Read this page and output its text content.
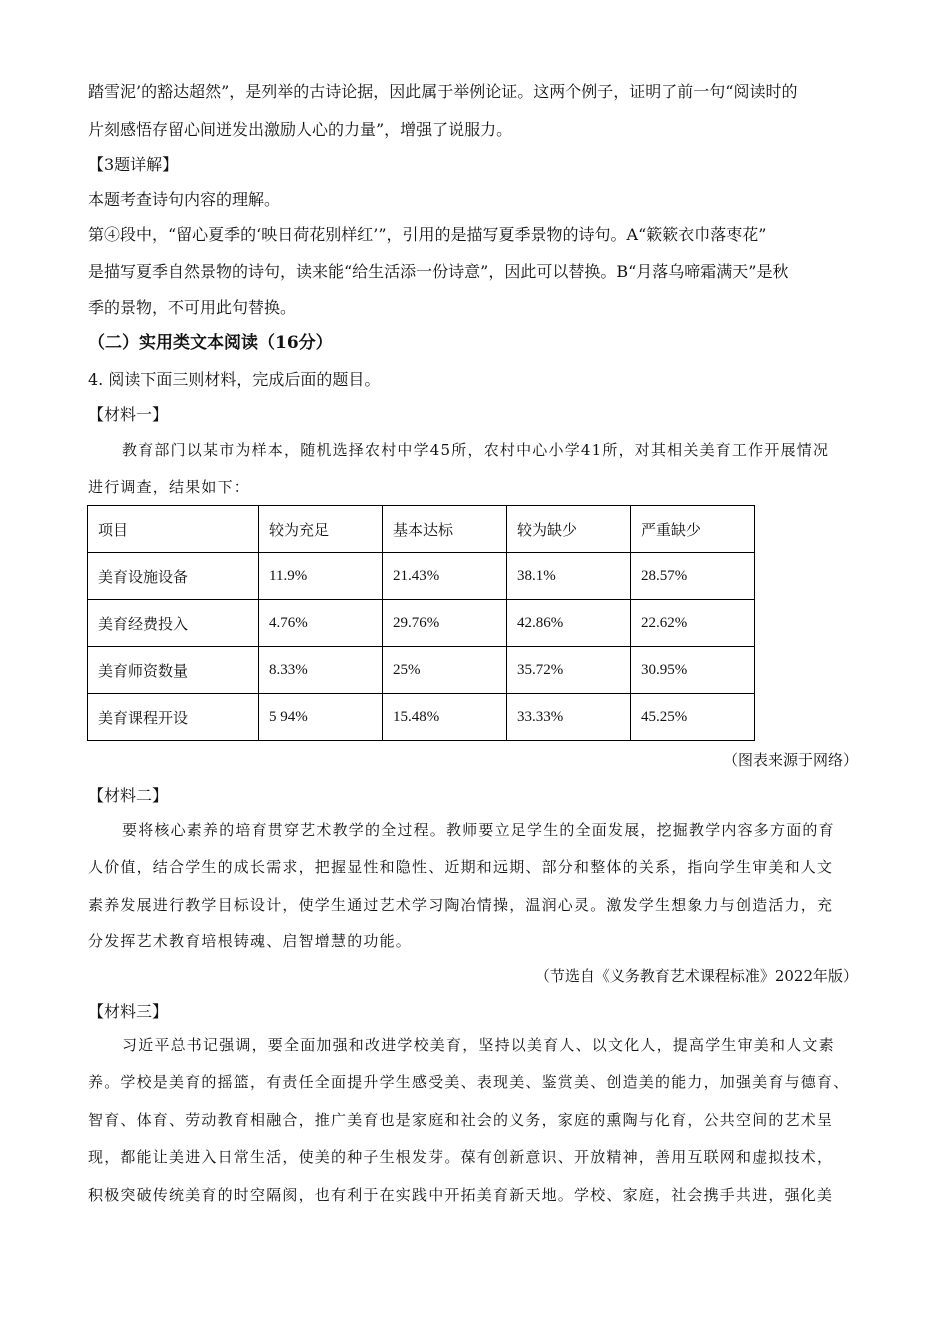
踏雪泥’的豁达超然”，是列举的古诗论据，因此属于举例论证。这两个例子，证明了前一句“阅读时的
片刻感悟存留心间迸发出激励人心的力量”，增强了说服力。
【3题详解】
本题考查诗句内容的理解。
第④段中，“留心夏季的‘映日荷花别样红’”，引用的是描写夏季景物的诗句。A“簌簌衣巾落枣花”
是描写夏季自然景物的诗句，读来能“给生活添一份诗意”，因此可以替换。B“月落乌啼霜满天”是秋
季的景物，不可用此句替换。
（二）实用类文本阅读（16分）
4. 阅读下面三则材料，完成后面的题目。
【材料一】
教育部门以某市为样本，随机选择农村中学45所，农村中心小学41所，对其相关美育工作开展情况
进行调查，结果如下：
项目	较为充足	基本达标	较为缺少	严重缺少
美育设施设备	11.9%	21.43%	38.1%	28.57%
美育经费投入	4.76%	29.76%	42.86%	22.62%
美育师资数量	8.33%	25%	35.72%	30.95%
美育课程开设	5 94%	15.48%	33.33%	45.25%
（图表来源于网络）
【材料二】
要将核心素养的培育贯穿艺术教学的全过程。教师要立足学生的全面发展，挖掘教学内容多方面的育
人价值，结合学生的成长需求，把握显性和隐性、近期和远期、部分和整体的关系，指向学生审美和人文
素养发展进行教学目标设计，使学生通过艺术学习陶冶情操，温润心灵。激发学生想象力与创造活力，充
分发挥艺术教育培根铸魂、启智增慧的功能。
（节选自《义务教育艺术课程标准》2022年版）
【材料三】
习近平总书记强调，要全面加强和改进学校美育，坚持以美育人、以文化人，提高学生审美和人文素
养。学校是美育的摇篮，有责任全面提升学生感受美、表现美、鉴赏美、创造美的能力，加强美育与德育、
智育、体育、劳动教育相融合，推广美育也是家庭和社会的义务，家庭的熏陶与化育，公共空间的艺术呈
现，都能让美进入日常生活，使美的种子生根发芽。葆有创新意识、开放精神，善用互联网和虚拟技术，
积极突破传统美育的时空隔阂，也有利于在实践中开拓美育新天地。学校、家庭，社会携手共进，强化美
